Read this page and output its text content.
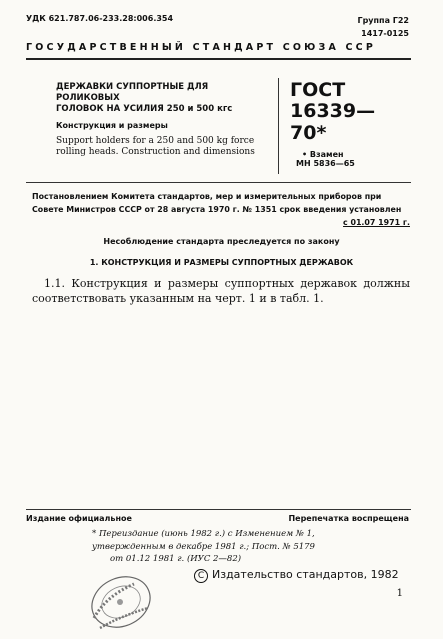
УДК 621.787.06-233.28:006.354	Группа Г22
1417-0125
ГОСУДАРСТВЕННЫЙ СТАНДАРТ СОЮЗА ССР
ДЕРЖАВКИ СУППОРТНЫЕ ДЛЯ РОЛИКОВЫХ
ГОЛОВОК НА УСИЛИЯ 250 и 500 кгс
Конструкция и размеры
Support holders for a 250 and 500 kg force
rolling heads. Construction and dimensions
ГОСТ
16339—70*
• Взамен
МН 5836—65
Постановлением Комитета стандартов, мер и измерительных приборов при
Совете Министров СССР от 28 августа 1970 г. № 1351 срок введения установлен
с 01.07 1971 г.
Несоблюдение стандарта преследуется по закону
1. КОНСТРУКЦИЯ И РАЗМЕРЫ СУППОРТНЫХ ДЕРЖАВОК
1.1. Конструкция и размеры суппортных державок должны соответствовать указанным на черт. 1 и в табл. 1.
Издание официальное	Перепечатка воспрещена
* Переиздание (июнь 1982 г.) с Изменением № 1,
утвержденным в декабре 1981 г.; Пост. № 5179
от 01.12 1981 г. (ИУС 2—82)
C Издательство стандартов, 1982
1
